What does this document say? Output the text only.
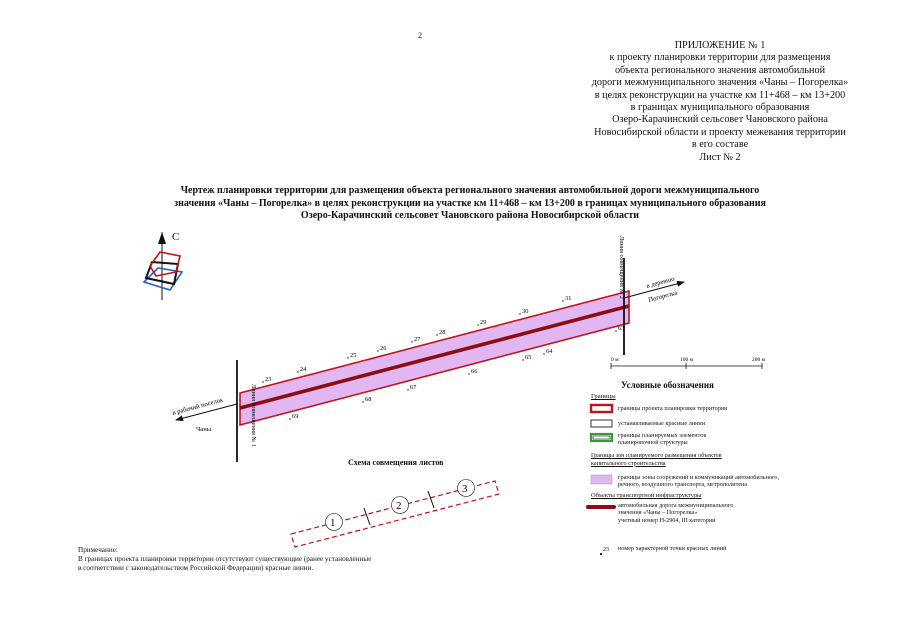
2
ПРИЛОЖЕНИЕ № 1
к проекту планировки территории для размещения
объекта регионального значения автомобильной
дороги межмуниципального значения «Чаны – Погорелка»
в целях реконструкции на участке км 11+468 – км 13+200
в границах муниципального образования
Озеро-Карачинский сельсовет Чановского района
Новосибирской области и проекту межевания территории
в его составе
Лист № 2
Чертеж планировки территории для размещения объекта регионального значения автомобильной дороги межмуниципального
значения «Чаны – Погорелка» в целях реконструкции на участке км 11+468 – км 13+200 в границах муниципального образования
Озеро-Карачинский сельсовет Чановского района Новосибирской области
С
Линия совмещения № 1
Линия совмещения № 2
в рабочий поселок
Чаны
в деревню
Погорелка
23
24
25
26
27
28
29
30
31
69
68
67
66
65
64
63
0 м	100 м	200 м
23
1
2
3
Условные обозначения
Границы
границы проекта планировки территории
устанавливаемые красные линии
границы планируемых элементов
планировочной структуры
Границы зон планируемого размещения объектов
капитального строительства
границы зоны сооружений и коммуникаций автомобильного,
речного, воздушного транспорта, метрополитена
Объекты транспортной инфраструктуры
автомобильная дорога межмуниципального
значения «Чаны – Погорелка»
учетный номер Н-2904, III категории
номер характерной точки красных линий
Схема совмещения листов
Примечание:
В границах проекта планировки территории отсутствуют существующие (ранее установленные
в соответствии с законодательством Российской Федерации) красные линии.
